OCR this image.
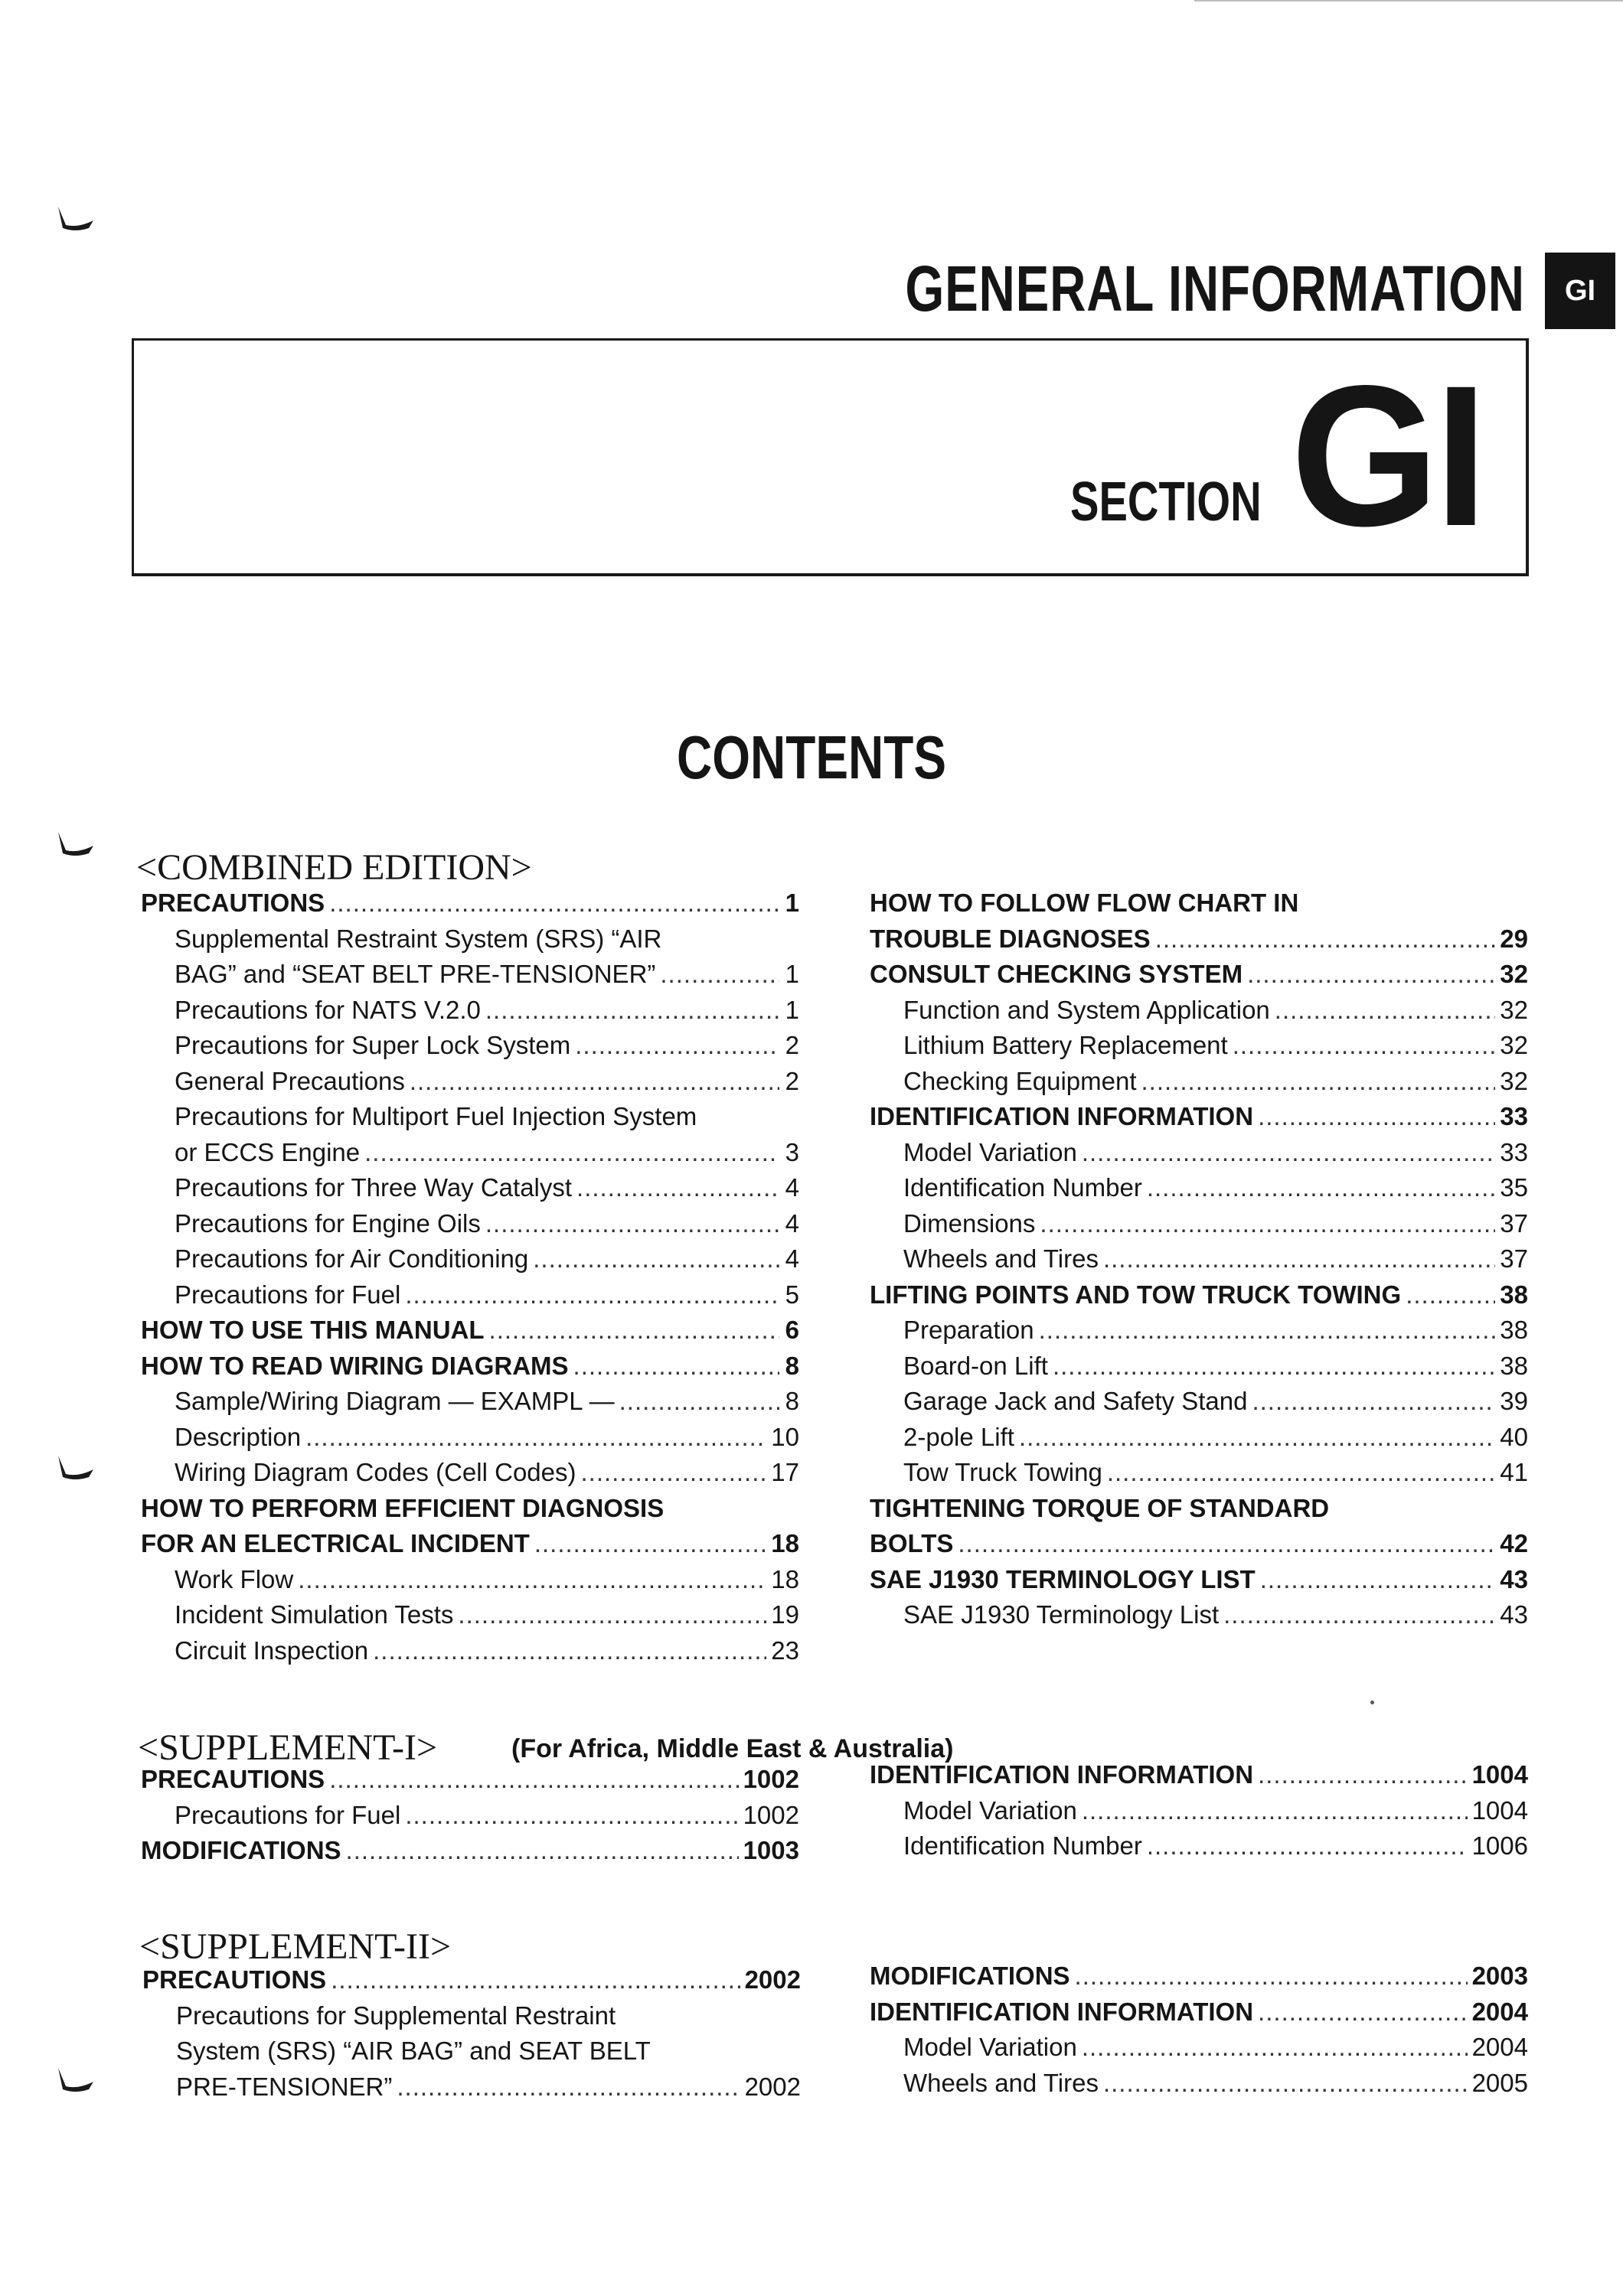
GENERAL INFORMATION	GI
SECTION GI
CONTENTS
<COMBINED EDITION>
PRECAUTIONS .....	1
Supplemental Restraint System (SRS) “AIR
BAG” and “SEAT BELT PRE-TENSIONER” .....	1
Precautions for NATS V.2.0 .....	1
Precautions for Super Lock System .....	2
General Precautions .....	2
Precautions for Multiport Fuel Injection System
or ECCS Engine .....	3
Precautions for Three Way Catalyst .....	4
Precautions for Engine Oils .....	4
Precautions for Air Conditioning .....	4
Precautions for Fuel .....	5
HOW TO USE THIS MANUAL .....	6
HOW TO READ WIRING DIAGRAMS .....	8
Sample/Wiring Diagram — EXAMPL — .....	8
Description .....	10
Wiring Diagram Codes (Cell Codes) .....	17
HOW TO PERFORM EFFICIENT DIAGNOSIS
FOR AN ELECTRICAL INCIDENT .....	18
Work Flow .....	18
Incident Simulation Tests .....	19
Circuit Inspection .....	23
HOW TO FOLLOW FLOW CHART IN
TROUBLE DIAGNOSES .....	29
CONSULT CHECKING SYSTEM .....	32
Function and System Application .....	32
Lithium Battery Replacement .....	32
Checking Equipment .....	32
IDENTIFICATION INFORMATION .....	33
Model Variation .....	33
Identification Number .....	35
Dimensions .....	37
Wheels and Tires .....	37
LIFTING POINTS AND TOW TRUCK TOWING .....	38
Preparation .....	38
Board-on Lift .....	38
Garage Jack and Safety Stand .....	39
2-pole Lift .....	40
Tow Truck Towing .....	41
TIGHTENING TORQUE OF STANDARD
BOLTS .....	42
SAE J1930 TERMINOLOGY LIST .....	43
SAE J1930 Terminology List .....	43
<SUPPLEMENT-I>	(For Africa, Middle East & Australia)
PRECAUTIONS .....	1002
Precautions for Fuel .....	1002
MODIFICATIONS .....	1003
IDENTIFICATION INFORMATION .....	1004
Model Variation .....	1004
Identification Number .....	1006
<SUPPLEMENT-II>
PRECAUTIONS .....	2002
Precautions for Supplemental Restraint
System (SRS) “AIR BAG” and SEAT BELT
PRE-TENSIONER” .....	2002
MODIFICATIONS .....	2003
IDENTIFICATION INFORMATION .....	2004
Model Variation .....	2004
Wheels and Tires .....	2005
